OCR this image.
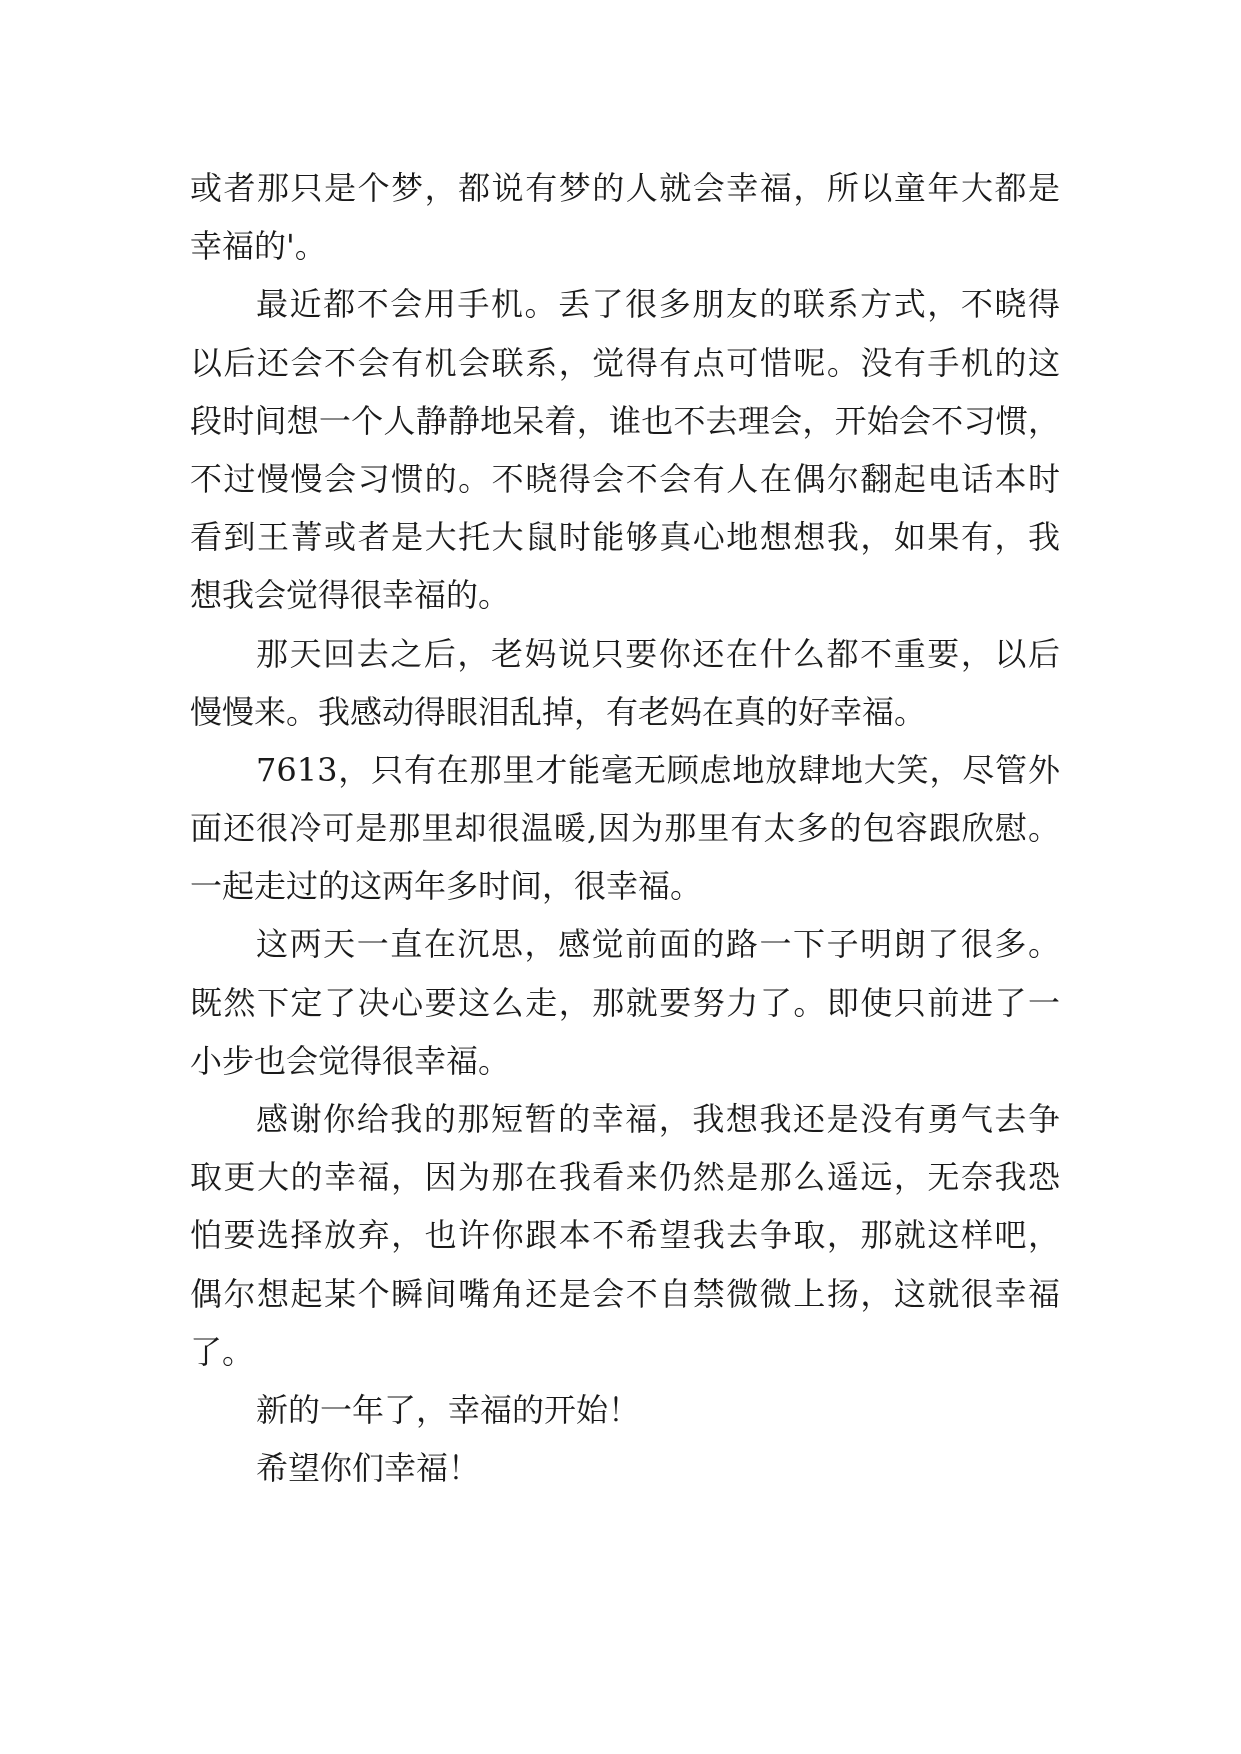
或者那只是个梦，都说有梦的人就会幸福，所以童年大都是
幸福的'。
最近都不会用手机。丢了很多朋友的联系方式，不晓得
以后还会不会有机会联系，觉得有点可惜呢。没有手机的这
段时间想一个人静静地呆着，谁也不去理会，开始会不习惯，
不过慢慢会习惯的。不晓得会不会有人在偶尔翻起电话本时
看到王菁或者是大托大鼠时能够真心地想想我，如果有，我
想我会觉得很幸福的。
那天回去之后，老妈说只要你还在什么都不重要，以后
慢慢来。我感动得眼泪乱掉，有老妈在真的好幸福。
7613，只有在那里才能毫无顾虑地放肆地大笑，尽管外
面还很冷可是那里却很温暖,因为那里有太多的包容跟欣慰。
一起走过的这两年多时间，很幸福。
这两天一直在沉思，感觉前面的路一下子明朗了很多。
既然下定了决心要这么走，那就要努力了。即使只前进了一
小步也会觉得很幸福。
感谢你给我的那短暂的幸福，我想我还是没有勇气去争
取更大的幸福，因为那在我看来仍然是那么遥远，无奈我恐
怕要选择放弃，也许你跟本不希望我去争取，那就这样吧，
偶尔想起某个瞬间嘴角还是会不自禁微微上扬，这就很幸福
了。
新的一年了，幸福的开始！
希望你们幸福！
